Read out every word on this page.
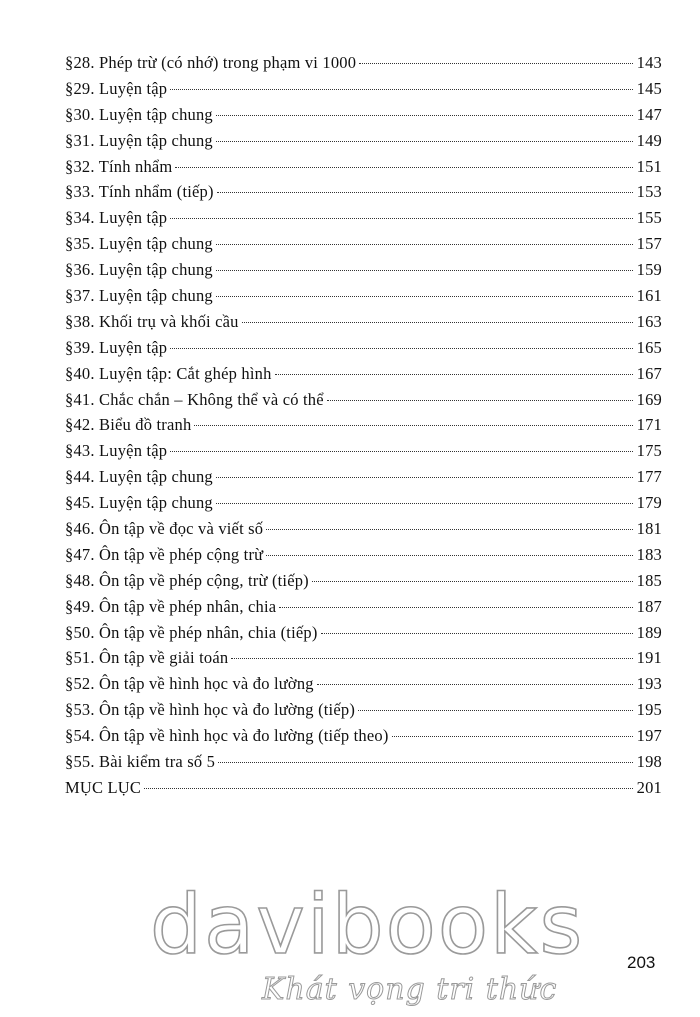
§28. Phép trừ (có nhớ) trong phạm vi 1000	143
§29. Luyện tập	145
§30. Luyện tập chung	147
§31. Luyện tập chung	149
§32. Tính nhẩm	151
§33. Tính nhẩm (tiếp)	153
§34. Luyện tập	155
§35. Luyện tập chung	157
§36. Luyện tập chung	159
§37. Luyện tập chung	161
§38. Khối trụ và khối cầu	163
§39. Luyện tập	165
§40. Luyện tập: Cắt ghép hình	167
§41. Chắc chắn – Không thể và có thể	169
§42. Biểu đồ tranh	171
§43. Luyện tập	175
§44. Luyện tập chung	177
§45. Luyện tập chung	179
§46. Ôn tập về đọc và viết số	181
§47. Ôn tập về phép cộng trừ	183
§48. Ôn tập về phép cộng, trừ (tiếp)	185
§49. Ôn tập về phép nhân, chia	187
§50. Ôn tập về phép nhân, chia (tiếp)	189
§51. Ôn tập về giải toán	191
§52. Ôn tập về hình học và đo lường	193
§53. Ôn tập về hình học và đo lường (tiếp)	195
§54. Ôn tập về hình học và đo lường (tiếp theo)	197
§55. Bài kiểm tra số 5	198
MỤC LỤC	201
203
davibooks
Khát vọng tri thức
